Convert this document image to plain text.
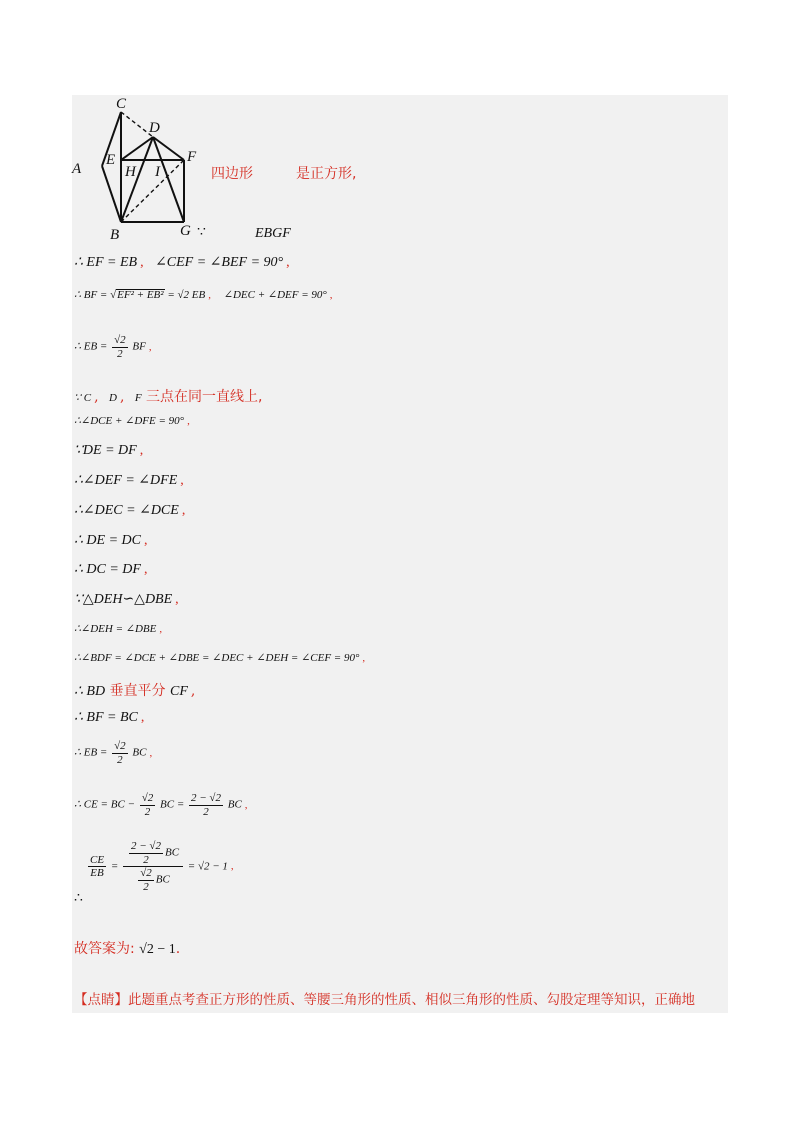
C
D
A
E	F
H I
B	G ∵
四边形
EBGF
是正方形,
∴ EF = EB , ∠CEF = ∠BEF = 90° ,
∴ BF = √EF² + EB² = √2 EB , ∠DEC + ∠DEF = 90° ,
∴ EB = $\frac{√2}{2}$ BF ,
∵ C , D , F 三点在同一直线上,
∴∠DCE + ∠DFE = 90° ,
∵DE = DF ,
∴∠DEF = ∠DFE ,
∴∠DEC = ∠DCE ,
∴ DE = DC ,
∴ DC = DF ,
∵△DEH∽△DBE ,
∴∠DEH = ∠DBE ,
∴∠BDF = ∠DCE + ∠DBE = ∠DEC + ∠DEH = ∠CEF = 90° ,
∴ BD 垂直平分 CF ,
∴ BF = BC ,
∴ EB = $\frac{√2}{2}$ BC ,
∴ CE = BC − $\frac{√2}{2}$ BC = $\frac{2 - √2}{2}$ BC ,
$\frac{CE}{EB} = \frac{\frac{2 - √2}{2} BC}{\frac{√2}{2} BC} = √2 - 1$ ,
∴
故答案为: √2 − 1.
【点睛】此题重点考查正方形的性质、等腰三角形的性质、相似三角形的性质、勾股定理等知识，正确地
